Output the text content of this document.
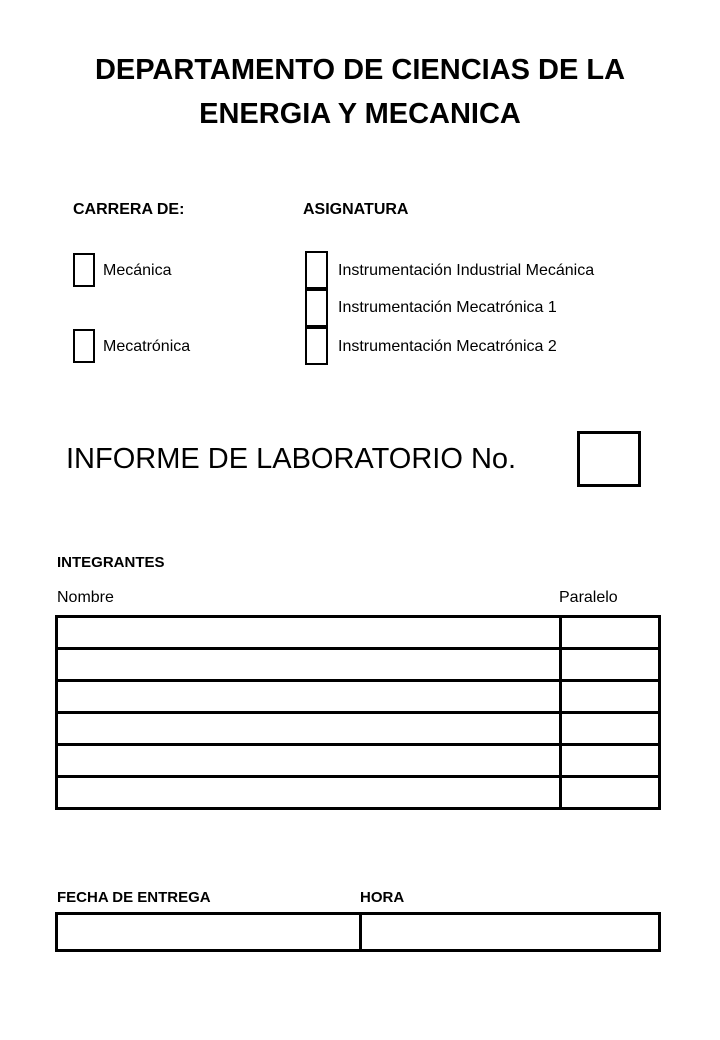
DEPARTAMENTO DE CIENCIAS DE LA
ENERGIA Y MECANICA
CARRERA DE:	ASIGNATURA
Mecánica
Mecatrónica
Instrumentación Industrial Mecánica
Instrumentación Mecatrónica 1
Instrumentación Mecatrónica 2
INFORME DE LABORATORIO No.
INTEGRANTES
Nombre	Paralelo

FECHA DE ENTREGA	HORA
